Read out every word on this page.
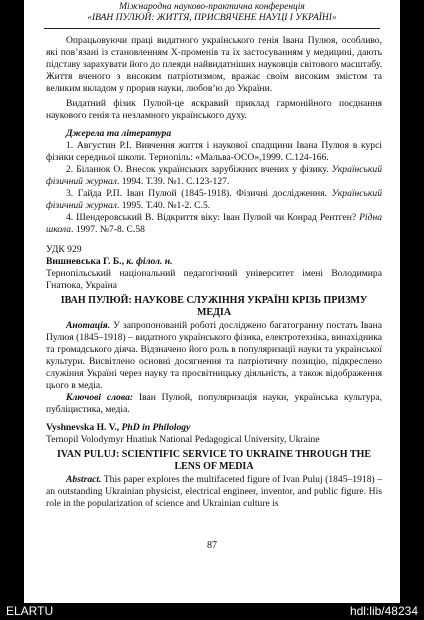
Міжнародна науково-практична конференція
«ІВАН ПУЛЮЙ: ЖИТТЯ, ПРИСВЯЧЕНЕ НАУЦІ І УКРАЇНІ»

Опрацьовуючи праці видатного українського генія Івана Пулюя, особливо, які пов’язані із становленням Х-променів та їх застосуванням у медицині, дають підставу зарахувати його до плеяди найвидатніших науковців світового масштабу. Життя вченого з високим патріотизмом, вражає своїм високим змістом та великим вкладом у прорив науки, любов’ю до України.

Видатний фізик Пулюй-це яскравий приклад гармонійного поєднання наукового генія та незламного українського духу.

Джерела та література

1. Августин Р.І. Вивчення життя і наукової спадщини Івана Пулюя в курсі фізики середньої школи. Тернопіль: «Мальва-ОСО»,1999. С.124-166.

2. Біланюк О. Внесок українських зарубіжних вчених у фізику. Український фізичний журнал. 1994. Т.39. №1. С.123-127.

3. Гайда Р.П. Іван Пулюй (1845-1918). Фізичні дослідження. Український фізичний журнал. 1995. Т.40. №1-2. С.5.

4. Шендеровський В. Відкриття віку: Іван Пулюй чи Конрад Рентген? Рідна школа. 1997. №7-8. С.58

УДК 929

Вишневська Г. Б., к. філол. н.

Тернопільський національний педагогічний університет імені Володимира Гнатюка, Україна

ІВАН ПУЛЮЙ: НАУКОВЕ СЛУЖІННЯ УКРАЇНІ КРІЗЬ ПРИЗМУ МЕДІА

Анотація. У запропонованій роботі досліджено багатогранну постать Івана Пулюя (1845–1918) – видатного українського фізика, електротехніка, винахідника та громадського діяча. Відзначено його роль в популяризації науки та української культури. Висвітлено основні досягнення та патріотичну позицію, підкреслено служіння Україні через науку та просвітницьку діяльність, а також відображення цього в медіа.

Ключові слова: Іван Пулюй, популяризація науки, українська культура, публіцистика, медіа.

Vyshnevska H. V., PhD in Philology

Ternopil Volodymyr Hnatiuk National Pedagogical University, Ukraine

IVAN PULUJ: SCIENTIFIC SERVICE TO UKRAINE THROUGH THE LENS OF MEDIA

Abstract. This paper explores the multifaceted figure of Ivan Puluj (1845–1918) – an outstanding Ukrainian physicist, electrical engineer, inventor, and public figure. His role in the popularization of science and Ukrainian culture is

87
ELARTU	hdl:lib/48234
